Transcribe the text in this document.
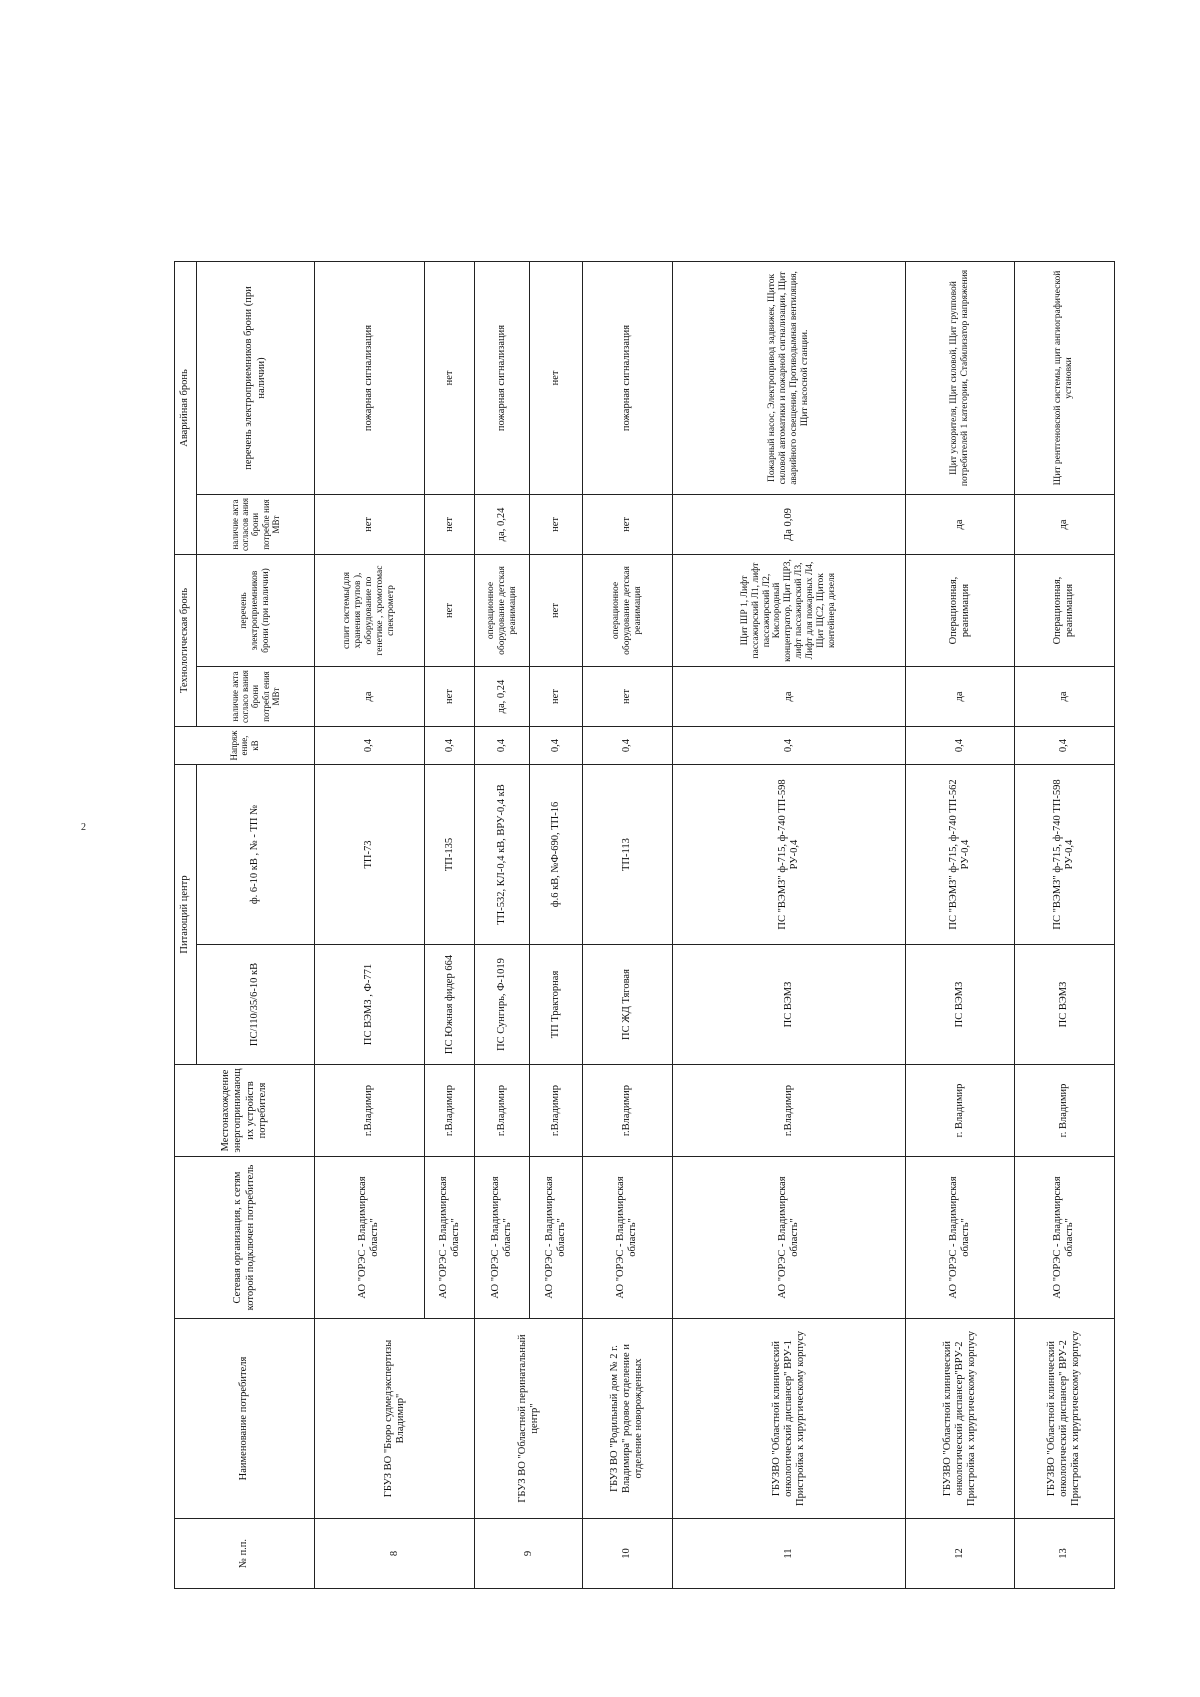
2
№ п.п.	Наименование потребителя	Сетевая организация, к сетям которой подключен потребитель	Местонахождение энергопринимающих устройств потребителя	Питающий центр		Напряж ение, кВ	Технологическая бронь		Аварийная бронь	
				ПС/110/35/6-10 кВ	ф. 6-10 кВ , № - ТП №		наличие акта согласо вания брони потребл ения МВт	перечень электроприемников брони (при наличии)	наличие акта согласов ания брони потребле ния МВт	перечень электроприемников брони (при наличии)
8	ГБУЗ ВО "Бюро судмедэкспертизы Владимир"	АО "ОРЭС - Владимирская область"	г.Владимир	ПС ВЭМЗ , Ф-771	ТП-73	0,4	да	сплит системы(для хранения трупов ), оборудование по генетике , хромотомас спектрометр	нет	пожарная сигнализация
		АО "ОРЭС - Владимирская область"	г.Владимир	ПС Южная фидер 664	ТП-135	0,4	нет	нет	нет	нет
9	ГБУЗ ВО "Областной перинатальный центр"	АО "ОРЭС - Владимирская область"	г.Владимир	ПС Сунгирь, Ф-1019	ТП-532, КЛ-0,4 кВ, ВРУ-0,4 кВ	0,4	да, 0,24	операционное оборудование детская реанимация	да, 0,24	пожарная сигнализация
		АО "ОРЭС - Владимирская область"	г.Владимир	ТП Тракторная	ф.6 кВ, №Ф-690, ТП-16	0,4	нет	нет	нет	нет
10	ГБУЗ ВО "Родильный дом № 2 г. Владимира" родовое отделение и отделение новорожденных	АО "ОРЭС - Владимирская область"	г.Владимир	ПС ЖД Тяговая	ТП-113	0,4	нет	операционное оборудование детская реанимация	нет	пожарная сигнализация
11	ГБУЗВО "Областной клинический онкологический диспансер" ВРУ-1 Пристройка к хирургическому корпусу	АО "ОРЭС - Владимирская область"	г.Владимир	ПС ВЭМЗ	ПС "ВЭМЗ" ф-715, ф-740 ТП-598 РУ-0,4	0,4	да	Щит ШР 1, Лифт пассажирский Л1, лифт пассажирский Л2, Кислородный концентратор, Щит ЩР3, лифт пассажирский Л3, Лифт для пожарных Л4, Щит ЩС2, Щиток контейнера дизеля	Да 0,09	Пожарный насос, Электропривод задвижек, Щиток силовой автоматики и пожарной сигнализации, Щит аварийного освещения, Противодымная вентиляция, Щит насосной станции.
12	ГБУЗВО "Областной клинический онкологический диспансер"ВРУ-2 Пристройка к хирургическому корпусу	АО "ОРЭС - Владимирская область"	г. Владимир	ПС ВЭМЗ	ПС "ВЭМЗ" ф-715, ф-740 ТП-562 РУ-0,4	0,4	да	Операционная, реанимация	да	Щит ускорителя, Щит силовой, Щит групповой потребителей 1 категории, Стабилизатор напряжения
13	ГБУЗВО "Областной клинический онкологический диспансер" ВРУ-2 Пристройка к хирургическому корпусу	АО "ОРЭС - Владимирская область"	г. Владимир	ПС ВЭМЗ	ПС "ВЭМЗ" ф-715, ф-740 ТП-598 РУ-0,4	0,4	да	Операционная, реанимация	да	Щит рентгеновской системы, щит ангиографической установки
